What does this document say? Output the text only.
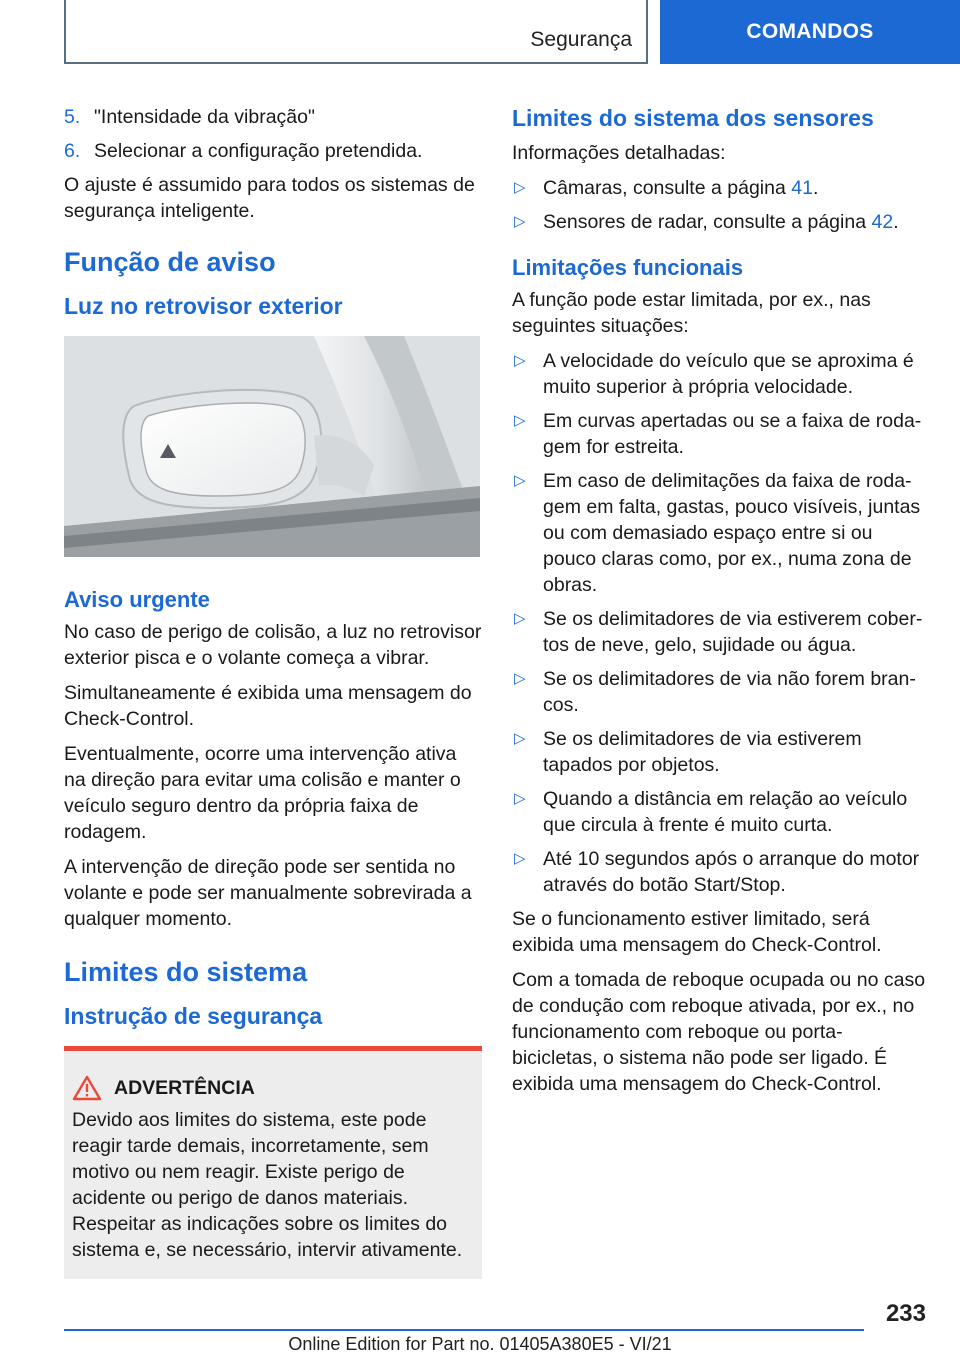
Segurança	COMANDOS
5. "Intensidade da vibração"
6. Selecionar a configuração pretendida.

O ajuste é assumido para todos os sistemas de segurança inteligente.

Função de aviso
Luz no retrovisor exterior
Aviso urgente

No caso de perigo de colisão, a luz no retrovisor exterior pisca e o volante começa a vibrar.

Simultaneamente é exibida uma mensagem do Check-Control.

Eventualmente, ocorre uma intervenção ativa na direção para evitar uma colisão e manter o veículo seguro dentro da própria faixa de rodagem.

A intervenção de direção pode ser sentida no volante e pode ser manualmente sobrevirada a qualquer momento.

Limites do sistema
Instrução de segurança
ADVERTÊNCIA

Devido aos limites do sistema, este pode reagir tarde demais, incorretamente, sem motivo ou nem reagir. Existe perigo de acidente ou perigo de danos materiais. Respeitar as indicações sobre os limites do sistema e, se necessário, intervir ativamente.

Limites do sistema dos sensores

Informações detalhadas:

▷ Câmaras, consulte a página 41.
▷ Sensores de radar, consulte a página 42.
Limitações funcionais

A função pode estar limitada, por ex., nas seguintes situações:

▷ A velocidade do veículo que se aproxima é muito superior à própria velocidade.
▷ Em curvas apertadas ou se a faixa de rodagem for estreita.
▷ Em caso de delimitações da faixa de rodagem em falta, gastas, pouco visíveis, juntas ou com demasiado espaço entre si ou pouco claras como, por ex., numa zona de obras.
▷ Se os delimitadores de via estiverem cobertos de neve, gelo, sujidade ou água.
▷ Se os delimitadores de via não forem brancos.
▷ Se os delimitadores de via estiverem tapados por objetos.
▷ Quando a distância em relação ao veículo que circula à frente é muito curta.
▷ Até 10 segundos após o arranque do motor através do botão Start/Stop.

Se o funcionamento estiver limitado, será exibida uma mensagem do Check-Control.

Com a tomada de reboque ocupada ou no caso de condução com reboque ativada, por ex., no funcionamento com reboque ou porta-bicicletas, o sistema não pode ser ligado. É exibida uma mensagem do Check-Control.

233
Online Edition for Part no. 01405A380E5 - VI/21
